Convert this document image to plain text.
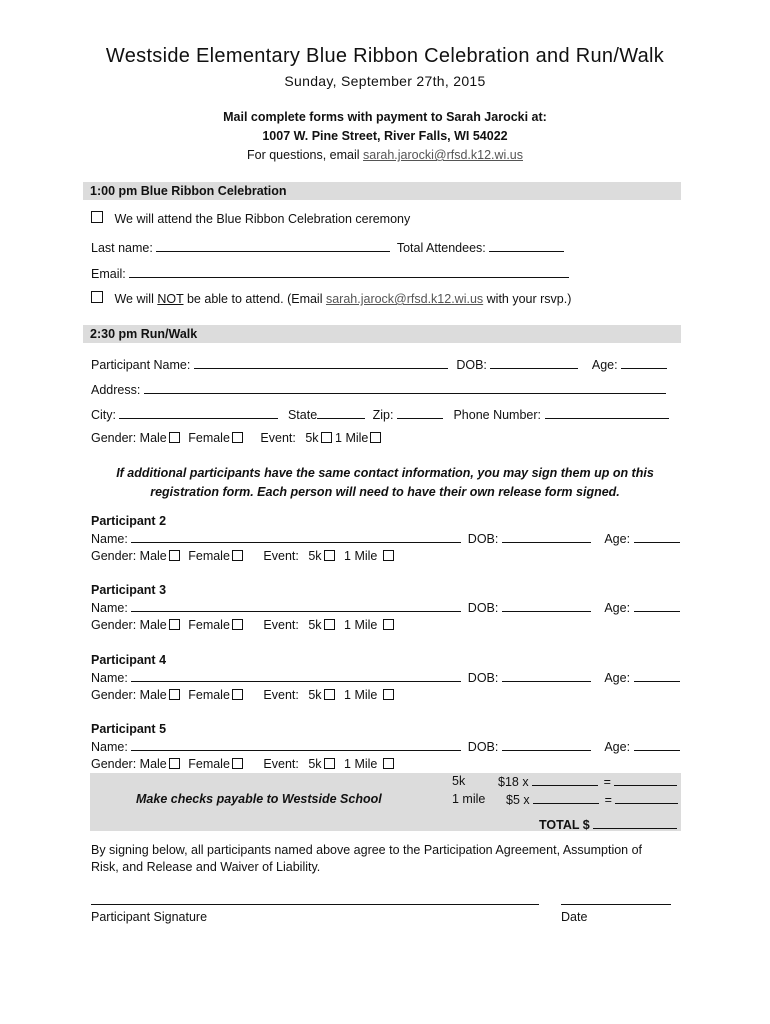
Westside Elementary Blue Ribbon Celebration and Run/Walk
Sunday, September 27th, 2015
Mail complete forms with payment to Sarah Jarocki at:
1007 W. Pine Street, River Falls, WI 54022
For questions, email sarah.jarocki@rfsd.k12.wi.us
1:00 pm Blue Ribbon Celebration
We will attend the Blue Ribbon Celebration ceremony
Last name:	Total Attendees:
Email:
We will NOT be able to attend. (Email sarah.jarock@rfsd.k12.wi.us with your rsvp.)
2:30 pm Run/Walk
Participant Name:	DOB:	Age:
Address:
City:	State	Zip:	Phone Number:
Gender: Male Female Event: 5k 1 Mile
If additional participants have the same contact information, you may sign them up on this
registration form. Each person will need to have their own release form signed.
Participant 2
Name:	DOB:	Age:
Gender: Male Female	Event: 5k 1 Mile
Participant 3
Name:	DOB:	Age:
Gender: Male Female	Event: 5k 1 Mile
Participant 4
Name:	DOB:	Age:
Gender: Male Female	Event: 5k 1 Mile
Participant 5
Name:	DOB:	Age:
Gender: Male Female	Event: 5k 1 Mile
Make checks payable to Westside School
5k	$18 x	=
1 mile $5 x	=
TOTAL $
By signing below, all participants named above agree to the Participation Agreement, Assumption of
Risk, and Release and Waiver of Liability.
Participant Signature	Date
